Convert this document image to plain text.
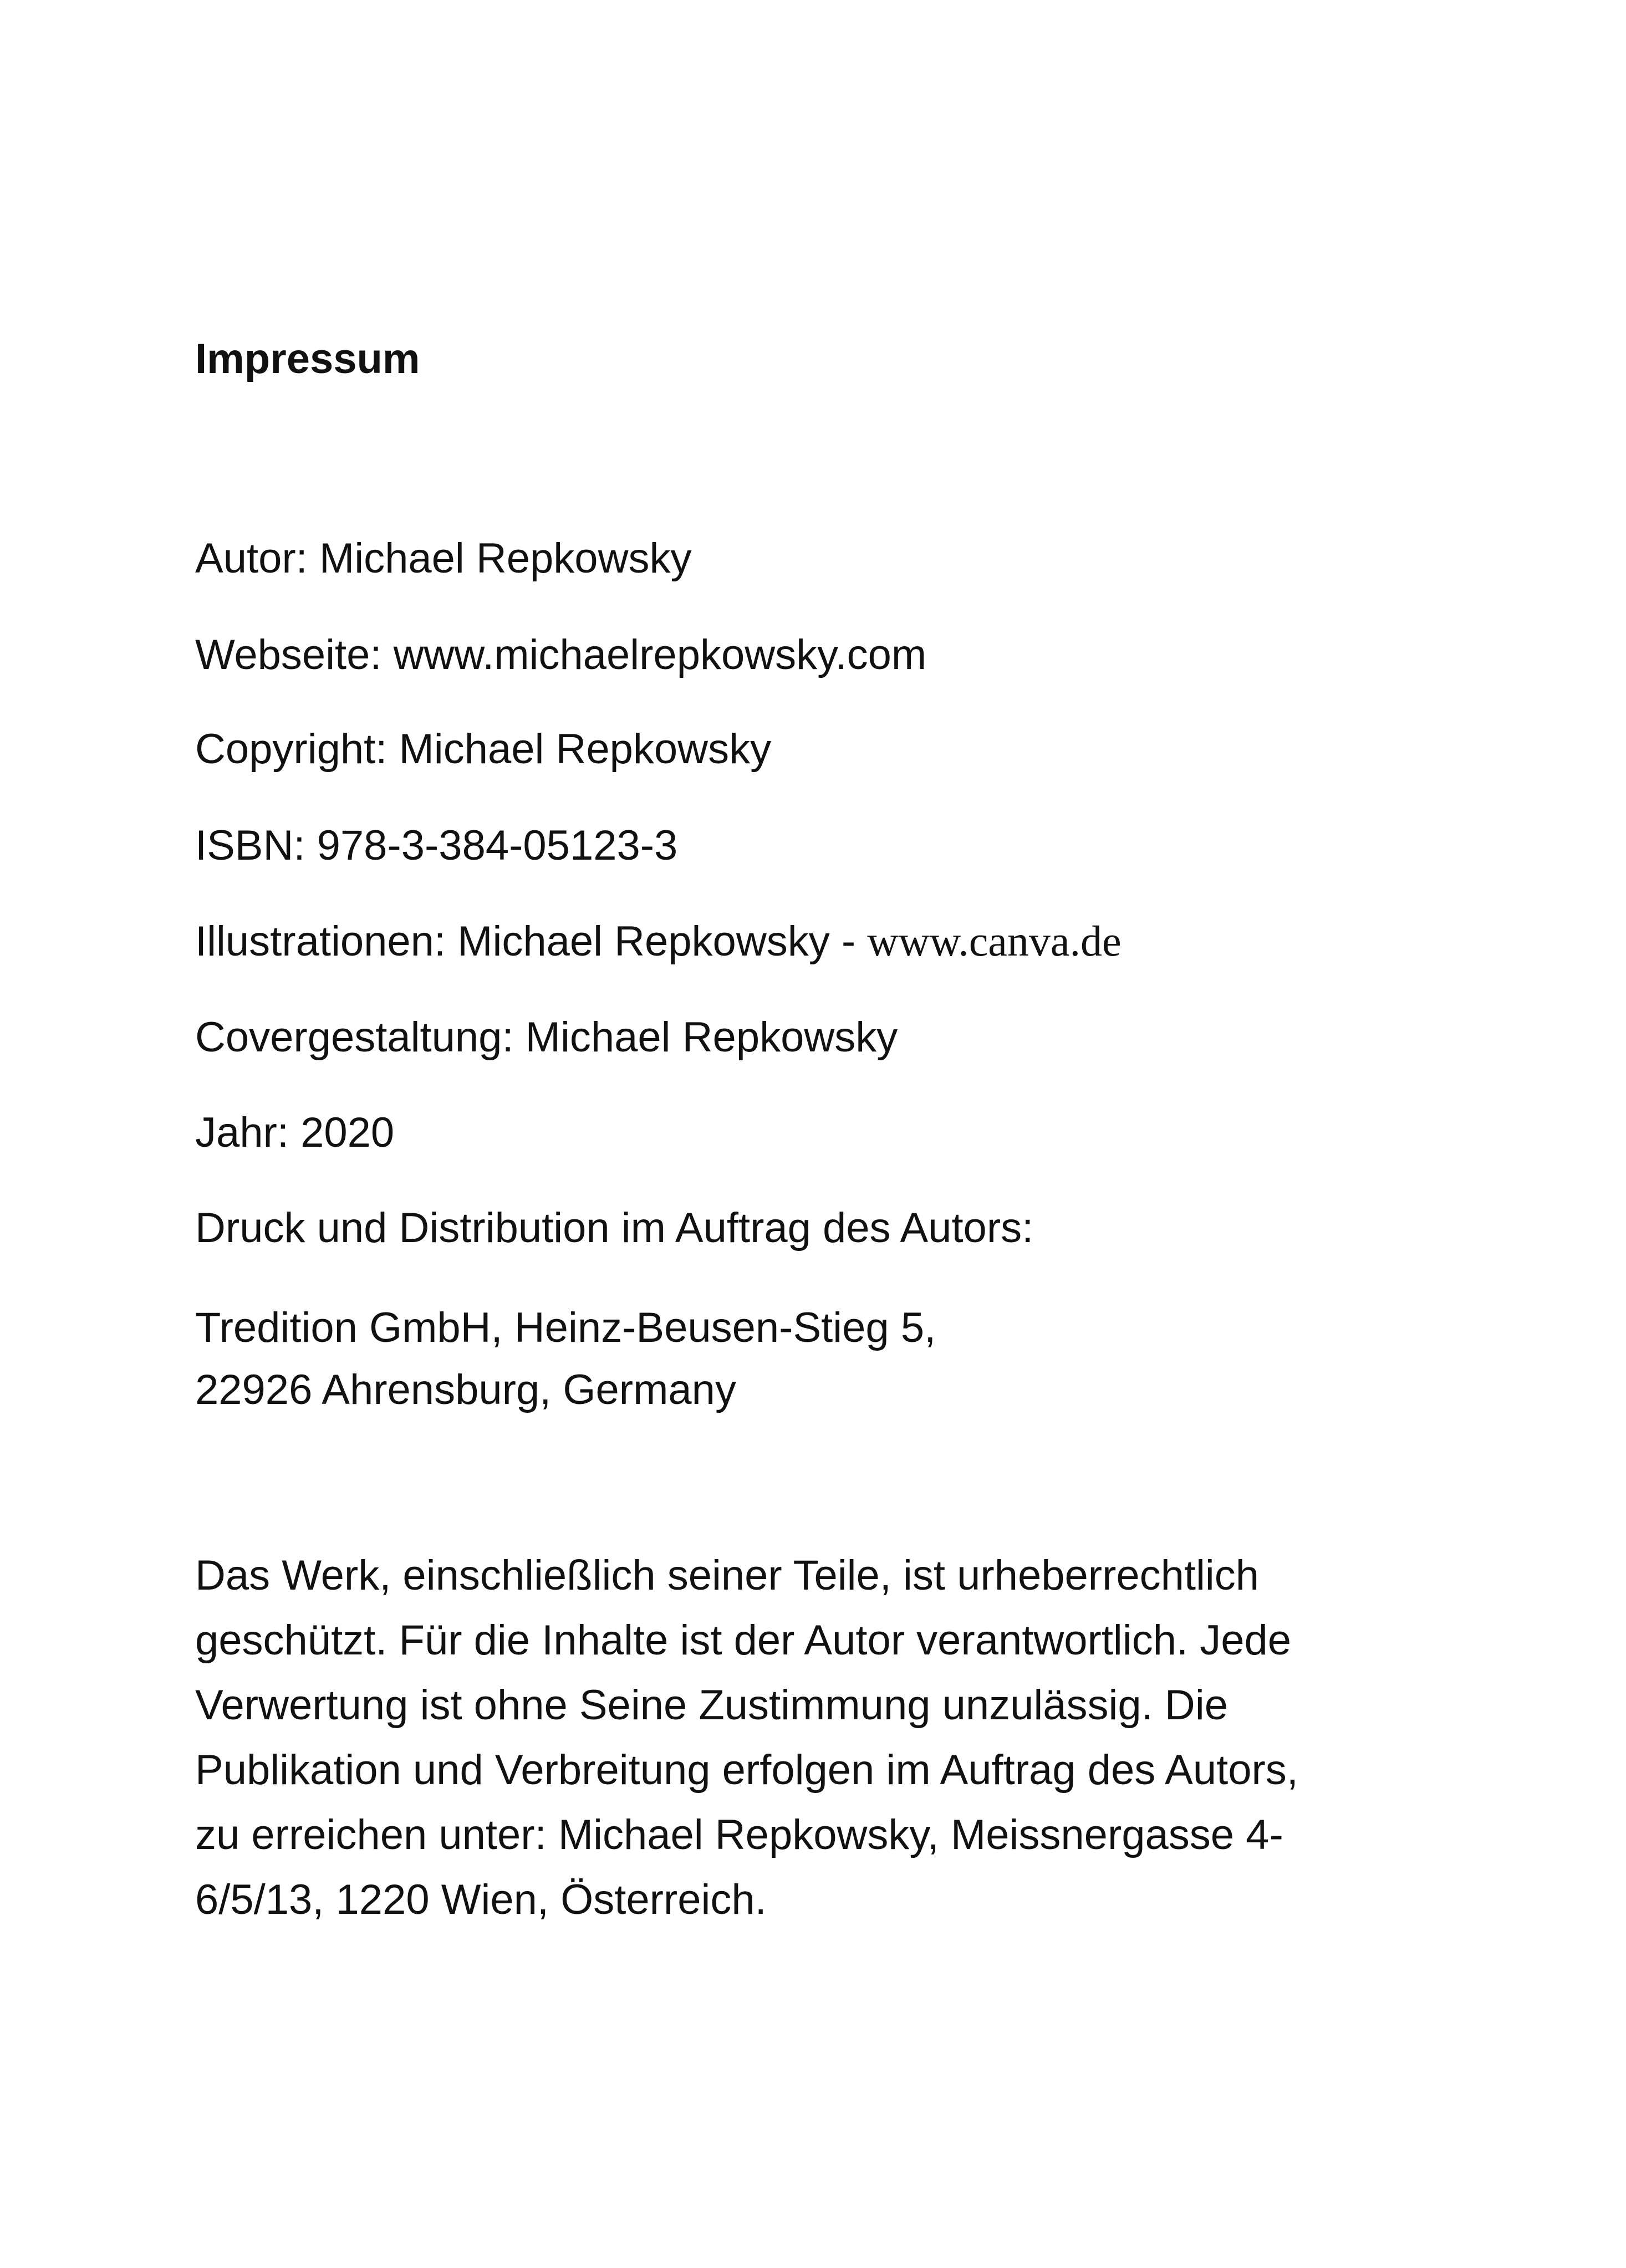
Impressum

Autor: Michael Repkowsky

Webseite: www.michaelrepkowsky.com

Copyright: Michael Repkowsky

ISBN: 978-3-384-05123-3

Illustrationen: Michael Repkowsky - www.canva.de

Covergestaltung: Michael Repkowsky

Jahr: 2020

Druck und Distribution im Auftrag des Autors:

Tredition GmbH, Heinz-Beusen-Stieg 5,
22926 Ahrensburg, Germany
Das Werk, einschließlich seiner Teile, ist urheberrechtlich
geschützt. Für die Inhalte ist der Autor verantwortlich. Jede
Verwertung ist ohne Seine Zustimmung unzulässig. Die
Publikation und Verbreitung erfolgen im Auftrag des Autors,
zu erreichen unter: Michael Repkowsky, Meissnergasse 4-
6/5/13, 1220 Wien, Österreich.
